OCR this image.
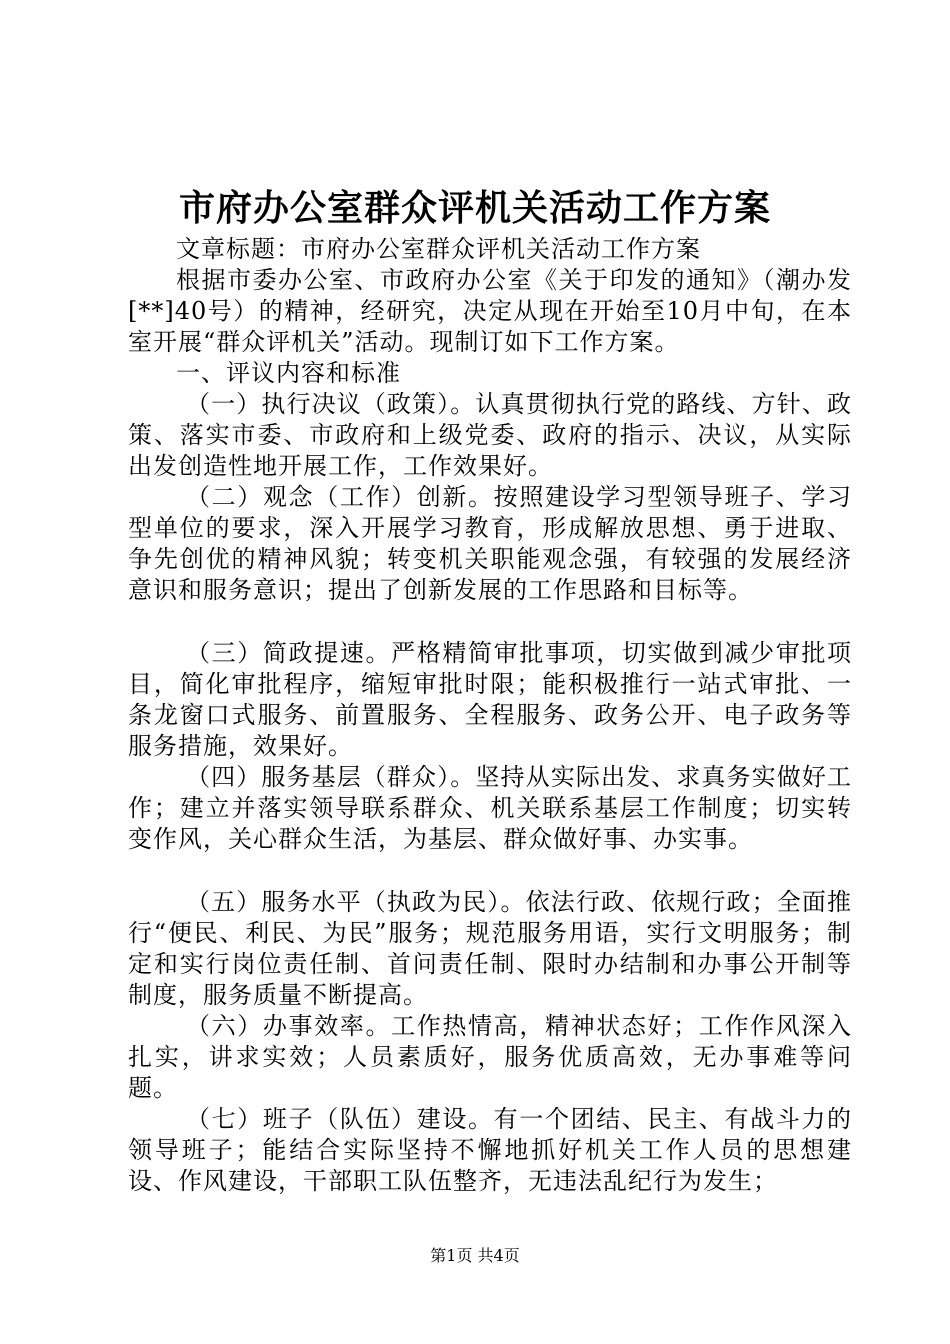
市府办公室群众评机关活动工作方案

文章标题：市府办公室群众评机关活动工作方案

根据市委办公室、市政府办公室《关于印发的通知》（潮办发[**]40号）的精神，经研究，决定从现在开始至10月中旬，在本室开展“群众评机关”活动。现制订如下工作方案。

一、评议内容和标准

（一）执行决议（政策）。认真贯彻执行党的路线、方针、政策、落实市委、市政府和上级党委、政府的指示、决议，从实际出发创造性地开展工作，工作效果好。

（二）观念（工作）创新。按照建设学习型领导班子、学习型单位的要求，深入开展学习教育，形成解放思想、勇于进取、争先创优的精神风貌；转变机关职能观念强，有较强的发展经济意识和服务意识；提出了创新发展的工作思路和目标等。

（三）简政提速。严格精简审批事项，切实做到减少审批项目，简化审批程序，缩短审批时限；能积极推行一站式审批、一条龙窗口式服务、前置服务、全程服务、政务公开、电子政务等服务措施，效果好。

（四）服务基层（群众）。坚持从实际出发、求真务实做好工作；建立并落实领导联系群众、机关联系基层工作制度；切实转变作风，关心群众生活，为基层、群众做好事、办实事。

（五）服务水平（执政为民）。依法行政、依规行政；全面推行“便民、利民、为民”服务；规范服务用语，实行文明服务；制定和实行岗位责任制、首问责任制、限时办结制和办事公开制等制度，服务质量不断提高。

（六）办事效率。工作热情高，精神状态好；工作作风深入扎实，讲求实效；人员素质好，服务优质高效，无办事难等问题。

（七）班子（队伍）建设。有一个团结、民主、有战斗力的领导班子；能结合实际坚持不懈地抓好机关工作人员的思想建设、作风建设，干部职工队伍整齐，无违法乱纪行为发生；

第1页 共4页
